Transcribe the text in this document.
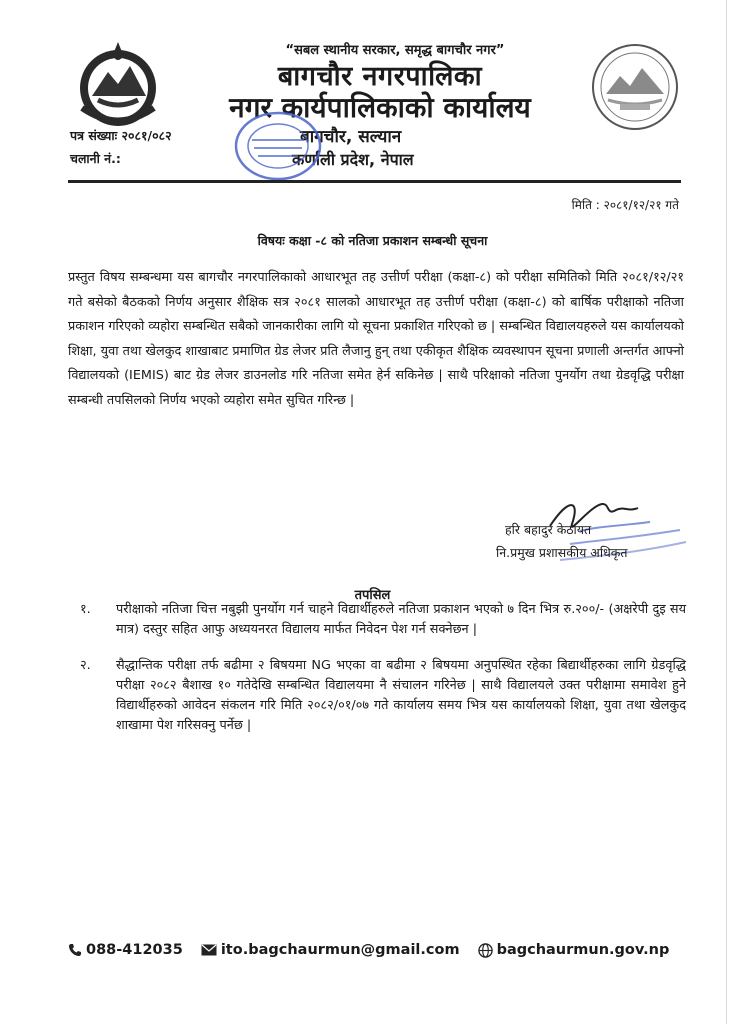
“सबल स्थानीय सरकार, समृद्ध बागचौर नगर”
बागचौर नगरपालिका
नगर कार्यपालिकाको कार्यालय
पत्र संख्याः २०८१/०८२
चलानी नं.:
बागचौर, सल्यान
कर्णाली प्रदेश, नेपाल
मिति : २०८१/१२/२१ गते
विषयः कक्षा -८ को नतिजा प्रकाशन सम्बन्धी सूचना
प्रस्तुत विषय सम्बन्धमा यस बागचौर नगरपालिकाको आधारभूत तह उत्तीर्ण परीक्षा (कक्षा-८) को परीक्षा समितिको मिति २०८१/१२/२१ गते बसेको बैठकको निर्णय अनुसार शैक्षिक सत्र २०८१ सालको आधारभूत तह उत्तीर्ण परीक्षा (कक्षा-८) को बार्षिक परीक्षाको नतिजा प्रकाशन गरिएको व्यहोरा सम्बन्धित सबैको जानकारीका लागि यो सूचना प्रकाशित गरिएको छ | सम्बन्धित विद्यालयहरुले यस कार्यालयको शिक्षा, युवा तथा खेलकुद शाखाबाट प्रमाणित ग्रेड लेजर प्रति लैजानु हुन् तथा एकीकृत शैक्षिक व्यवस्थापन सूचना प्रणाली अन्तर्गत आफ्नो विद्यालयको (IEMIS) बाट ग्रेड लेजर डाउनलोड गरि नतिजा समेत हेर्न सकिनेछ | साथै परिक्षाको नतिजा पुनर्योग तथा ग्रेडवृद्धि परीक्षा सम्बन्धी तपसिलको निर्णय भएको व्यहोरा समेत सुचित गरिन्छ |
हरि बहादुर केठायत
नि.प्रमुख प्रशासकीय अधिकृत
तपसिल
१. परीक्षाको नतिजा चित्त नबुझी पुनर्योग गर्न चाहने विद्यार्थीहरुले नतिजा प्रकाशन भएको ७ दिन भित्र रु.२००/- (अक्षरेपी दुइ सय मात्र) दस्तुर सहित आफु अध्ययनरत विद्यालय मार्फत निवेदन पेश गर्न सक्नेछन |
२. सैद्धान्तिक परीक्षा तर्फ बढीमा २ बिषयमा NG भएका वा बढीमा २ बिषयमा अनुपस्थित रहेका बिद्यार्थीहरुका लागि ग्रेडवृद्धि परीक्षा २०८२ बैशाख १० गतेदेखि सम्बन्धित विद्यालयमा नै संचालन गरिनेछ | साथै विद्यालयले उक्त परीक्षामा समावेश हुने विद्यार्थीहरुको आवेदन संकलन गरि मिति २०८२/०१/०७ गते कार्यालय समय भित्र यस कार्यालयको शिक्षा, युवा तथा खेलकुद शाखामा पेश गरिसक्नु पर्नेछ |
088-412035	ito.bagchaurmun@gmail.com	bagchaurmun.gov.np
